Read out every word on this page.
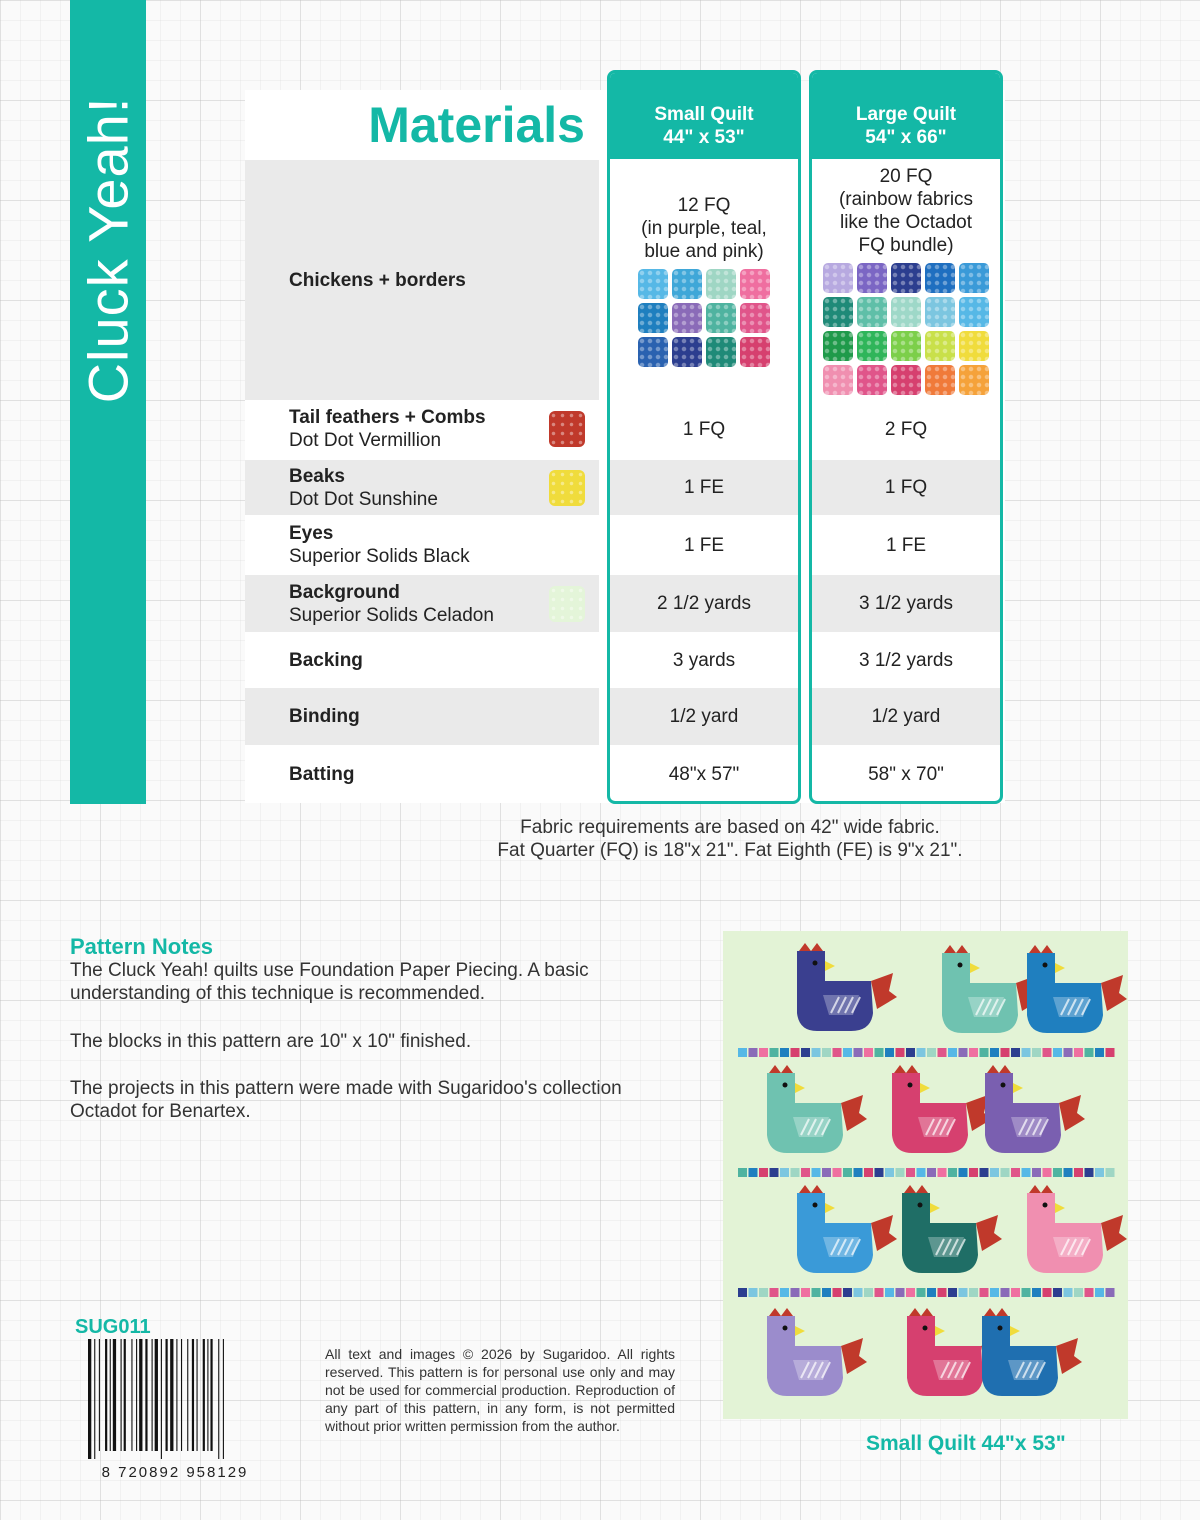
Cluck Yeah!	Materials
Chickens + borders
Tail feathers + Combs
Dot Dot Vermillion
Beaks
Dot Dot Sunshine
Eyes
Superior Solids Black
Background
Superior Solids Celadon
Backing
Binding
Batting
Small Quilt
44" x 53"
12 FQ
(in purple, teal,
blue and pink)
1 FQ
1 FE
1 FE
2 1/2 yards
3 yards
1/2 yard
48"x 57"
Large Quilt
54" x 66"
20 FQ
(rainbow fabrics
like the Octadot
FQ bundle)
2 FQ
1 FQ
1 FE
3 1/2 yards
3 1/2 yards
1/2 yard
58" x 70"
Fabric requirements are based on 42" wide fabric.
Fat Quarter (FQ) is 18"x 21". Fat Eighth (FE) is 9"x 21".
Pattern Notes

The Cluck Yeah! quilts use Foundation Paper Piecing. A basic understanding of this technique is recommended.

The blocks in this pattern are 10" x 10" finished.

The projects in this pattern were made with Sugaridoo's collection Octadot for Benartex.

Small Quilt 44"x 53"
SUG011
8 720892 958129

All text and images © 2026 by Sugaridoo. All rights reserved. This pattern is for personal use only and may not be used for commercial production. Reproduction of any part of this pattern, in any form, is not permitted without prior written permission from the author.
